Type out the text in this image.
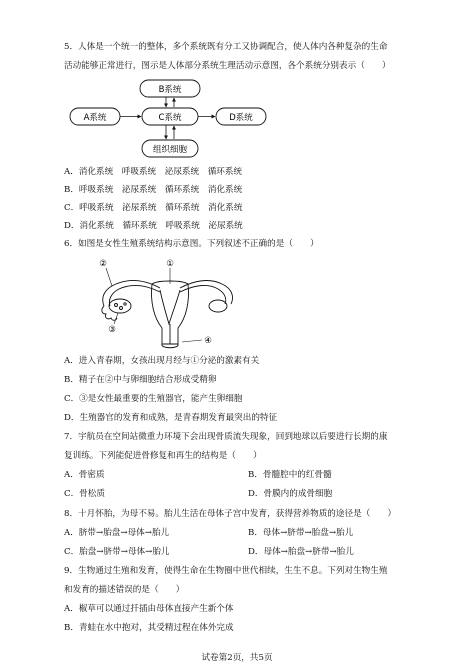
5．人体是一个统一的整体，多个系统既有分工又协调配合，使人体内各种复杂的生命
活动能够正常进行，图示是人体部分系统生理活动示意图，各个系统分别表示（　　）
B系统
A系统	C系统	D系统
组织细胞
A．消化系统　呼吸系统　泌尿系统　循环系统
B．呼吸系统　泌尿系统　循环系统　消化系统
C．呼吸系统　泌尿系统　循环系统　消化系统
D．消化系统　循环系统　呼吸系统　泌尿系统
6．如图是女性生殖系统结构示意图。下列叙述不正确的是（　　）
①
②
③
④
A．进入青春期，女孩出现月经与①分泌的激素有关
B．精子在②中与卵细胞结合形成受精卵
C．③是女性最重要的生殖器官，能产生卵细胞
D．生殖器官的发育和成熟，是青春期发育最突出的特征
7．宇航员在空间站微重力环境下会出现骨质流失现象，回到地球以后要进行长期的康
复训练。下列能促进骨修复和再生的结构是（　　）
A．骨密质	B．骨髓腔中的红骨髓
C．骨松质	D．骨膜内的成骨细胞
8．十月怀胎，为母不易。胎儿生活在母体子宫中发育，获得营养物质的途径是（　　）
A．脐带→胎盘→母体→胎儿	B．母体→脐带→胎盘→胎儿
C．胎盘→脐带→母体→胎儿	D．母体→胎盘→脐带→胎儿
9．生物通过生殖和发育，使得生命在生物圈中世代相续，生生不息。下列对生物生殖
和发育的描述错误的是（　　）
A．椒草可以通过扦插由母体直接产生新个体
B．青蛙在水中抱对，其受精过程在体外完成
试卷第2页，共5页
